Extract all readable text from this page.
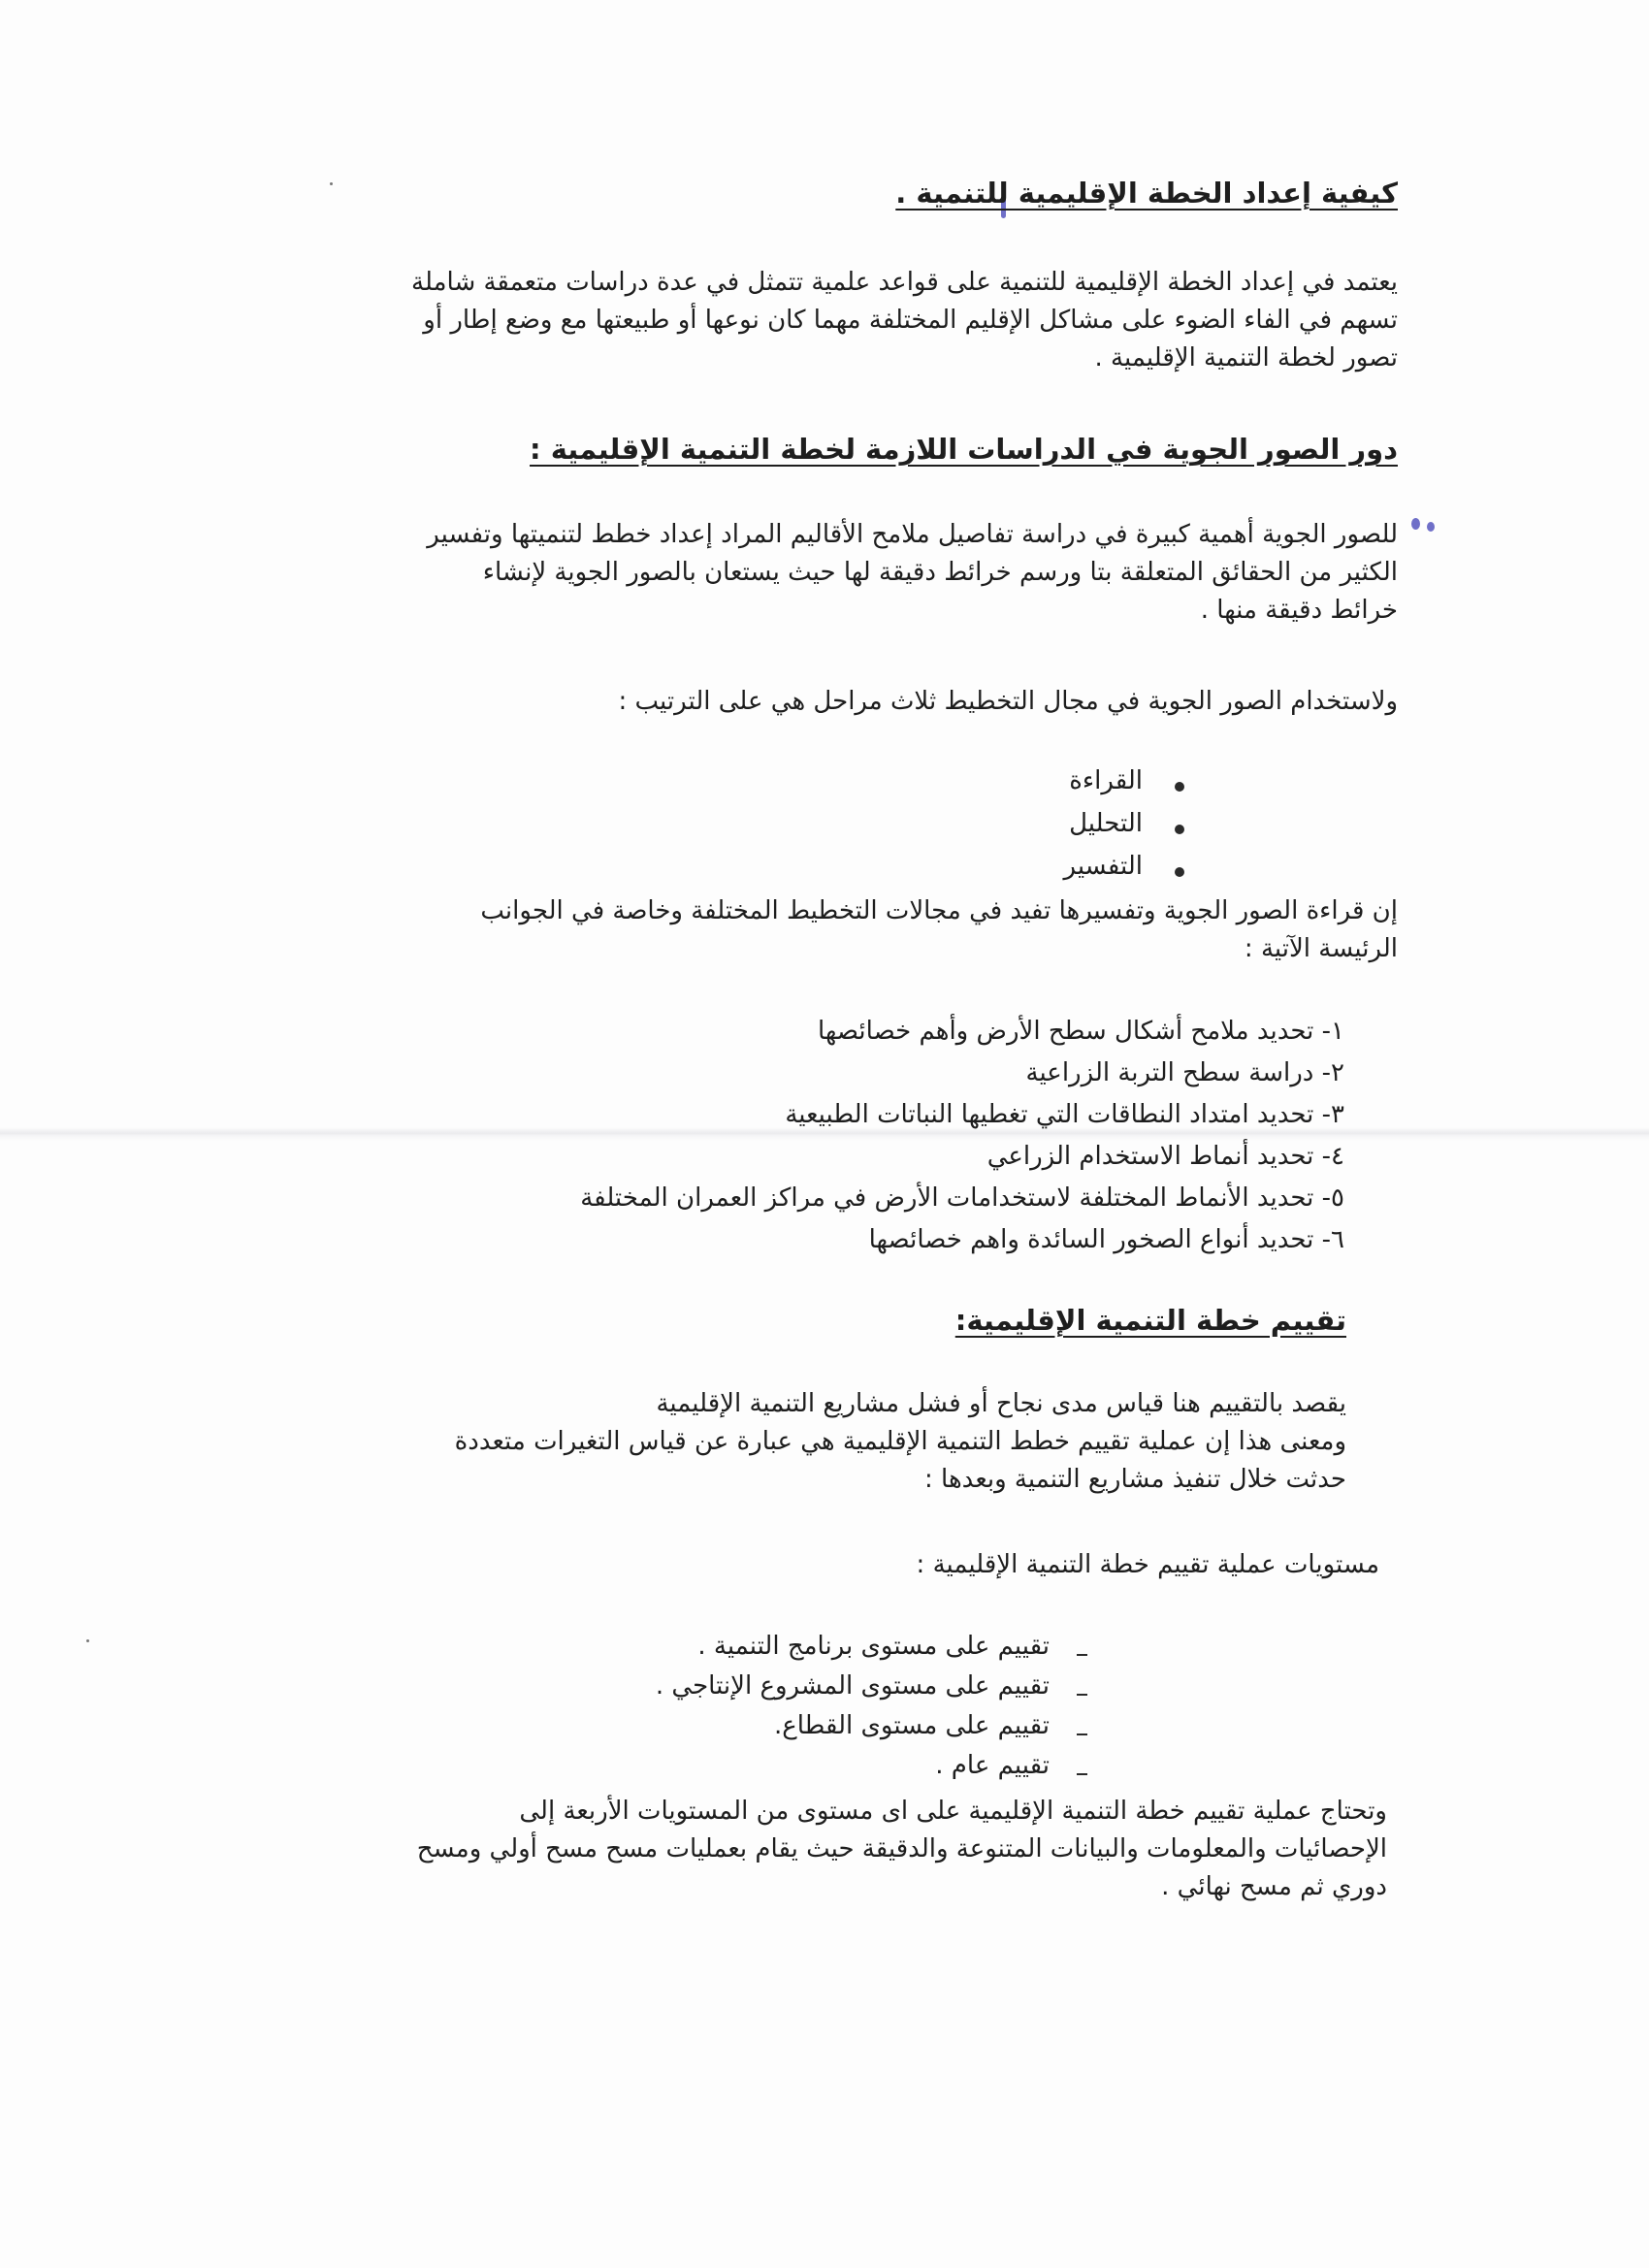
كيفية إعداد الخطة الإقليمية للتنمية .

يعتمد في إعداد الخطة الإقليمية للتنمية على قواعد علمية تتمثل في عدة دراسات متعمقة شاملة

تسهم في الفاء الضوء على مشاكل الإقليم المختلفة مهما كان نوعها أو طبيعتها مع وضع إطار أو

تصور لخطة التنمية الإقليمية .

دور الصور الجوية في الدراسات اللازمة لخطة التنمية الإقليمية :

للصور الجوية أهمية كبيرة في دراسة تفاصيل ملامح الأقاليم المراد إعداد خطط لتنميتها وتفسير

الكثير من الحقائق المتعلقة بتا ورسم خرائط دقيقة لها حيث يستعان بالصور الجوية لإنشاء

خرائط دقيقة منها .

ولاستخدام الصور الجوية في مجال التخطيط ثلاث مراحل هي على الترتيب :
القراءة
التحليل
التفسير

إن قراءة الصور الجوية وتفسيرها تفيد في مجالات التخطيط المختلفة وخاصة في الجوانب

الرئيسة الآتية :

١- تحديد ملامح أشكال سطح الأرض وأهم خصائصها
٢- دراسة سطح التربة الزراعية
٣- تحديد امتداد النطاقات التي تغطيها النباتات الطبيعية
٤- تحديد أنماط الاستخدام الزراعي
٥- تحديد الأنماط المختلفة لاستخدامات الأرض في مراكز العمران المختلفة
٦- تحديد أنواع الصخور السائدة واهم خصائصها
تقييم خطة التنمية الإقليمية:

يقصد بالتقييم هنا قياس مدى نجاح أو فشل مشاريع التنمية الإقليمية

ومعنى هذا إن عملية تقييم خطط التنمية الإقليمية هي عبارة عن قياس التغيرات متعددة

حدثت خلال تنفيذ مشاريع التنمية وبعدها :

مستويات عملية تقييم خطة التنمية الإقليمية :
تقييم على مستوى برنامج التنمية .
تقييم على مستوى المشروع الإنتاجي .
تقييم على مستوى القطاع.
تقييم عام .

وتحتاج عملية تقييم خطة التنمية الإقليمية على اى مستوى من المستويات الأربعة إلى

الإحصائيات والمعلومات والبيانات المتنوعة والدقيقة حيث يقام بعمليات مسح مسح أولي ومسح

دوري ثم مسح نهائي .
